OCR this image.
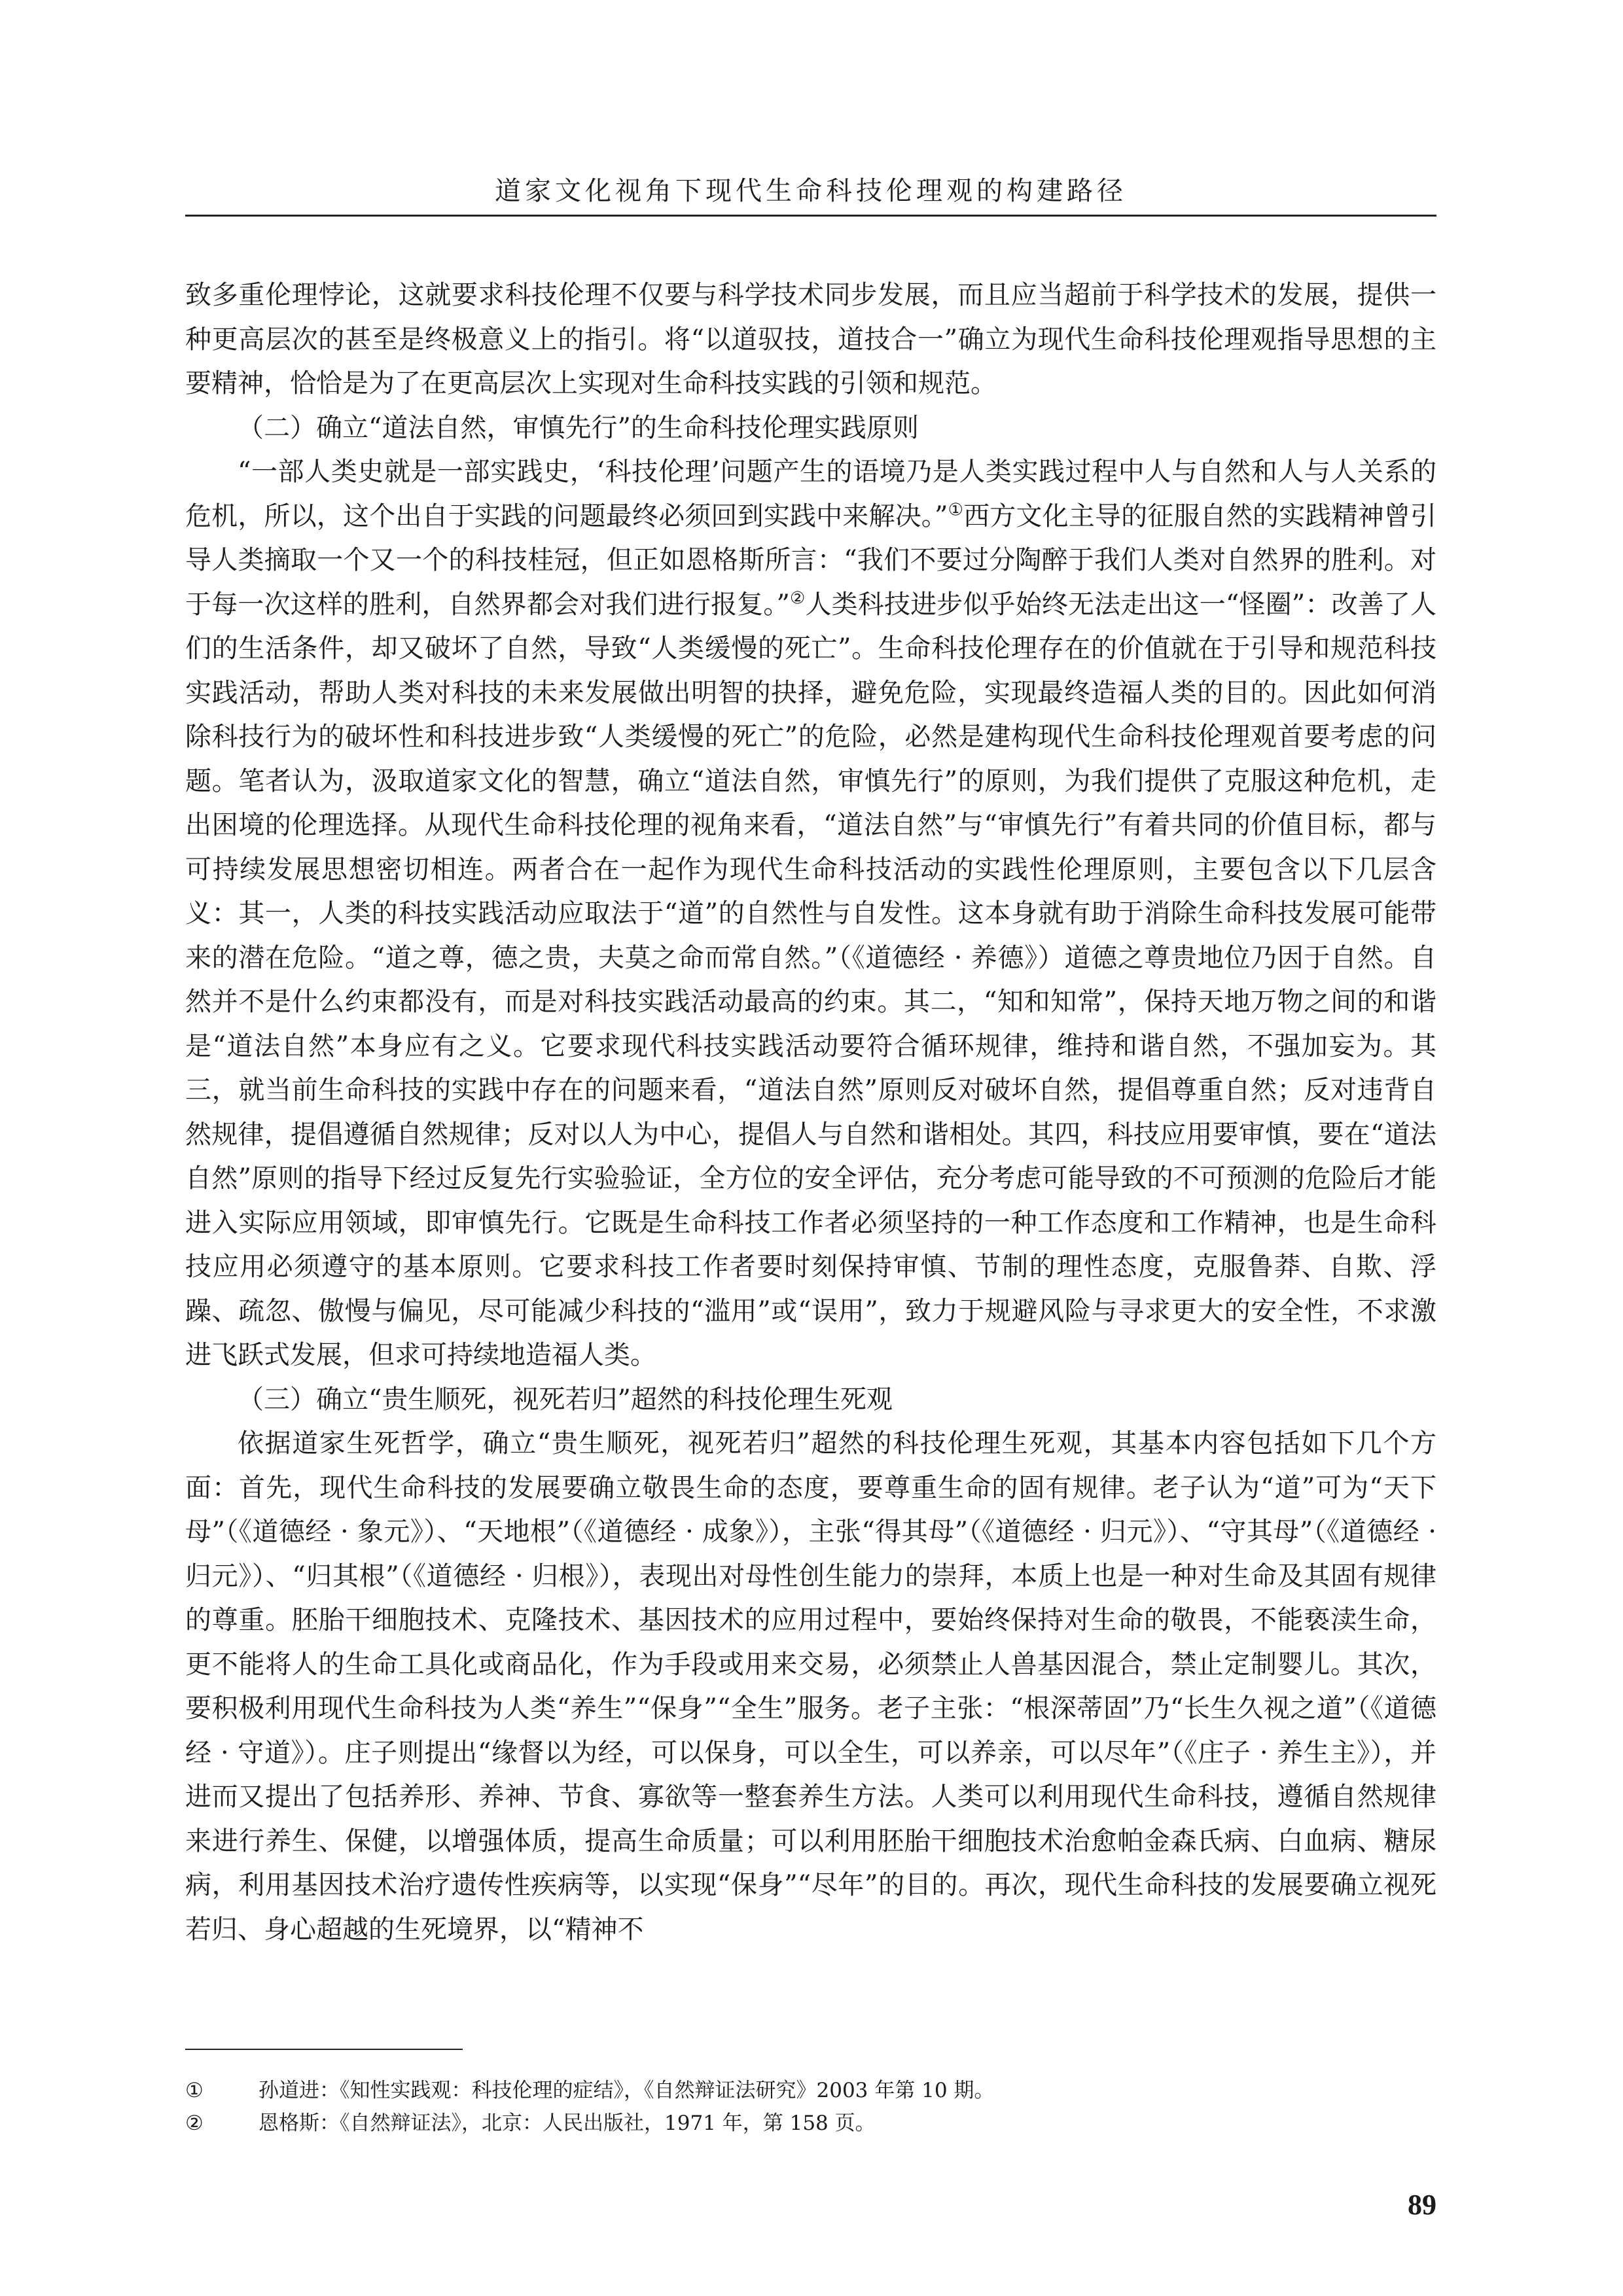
道家文化视角下现代生命科技伦理观的构建路径

致多重伦理悖论，这就要求科技伦理不仅要与科学技术同步发展，而且应当超前于科学技术的发展，提供一种更高层次的甚至是终极意义上的指引。将“以道驭技，道技合一”确立为现代生命科技伦理观指导思想的主要精神，恰恰是为了在更高层次上实现对生命科技实践的引领和规范。

（二）确立“道法自然，审慎先行”的生命科技伦理实践原则

“一部人类史就是一部实践史，‘科技伦理’问题产生的语境乃是人类实践过程中人与自然和人与人关系的危机，所以，这个出自于实践的问题最终必须回到实践中来解决。”①西方文化主导的征服自然的实践精神曾引导人类摘取一个又一个的科技桂冠，但正如恩格斯所言：“我们不要过分陶醉于我们人类对自然界的胜利。对于每一次这样的胜利，自然界都会对我们进行报复。”②人类科技进步似乎始终无法走出这一“怪圈”：改善了人们的生活条件，却又破坏了自然，导致“人类缓慢的死亡”。生命科技伦理存在的价值就在于引导和规范科技实践活动，帮助人类对科技的未来发展做出明智的抉择，避免危险，实现最终造福人类的目的。因此如何消除科技行为的破坏性和科技进步致“人类缓慢的死亡”的危险，必然是建构现代生命科技伦理观首要考虑的问题。笔者认为，汲取道家文化的智慧，确立“道法自然，审慎先行”的原则，为我们提供了克服这种危机，走出困境的伦理选择。从现代生命科技伦理的视角来看，“道法自然”与“审慎先行”有着共同的价值目标，都与可持续发展思想密切相连。两者合在一起作为现代生命科技活动的实践性伦理原则，主要包含以下几层含义：其一，人类的科技实践活动应取法于“道”的自然性与自发性。这本身就有助于消除生命科技发展可能带来的潜在危险。“道之尊，德之贵，夫莫之命而常自然。”（《道德经 · 养德》）道德之尊贵地位乃因于自然。自然并不是什么约束都没有，而是对科技实践活动最高的约束。其二，“知和知常”，保持天地万物之间的和谐是“道法自然”本身应有之义。它要求现代科技实践活动要符合循环规律，维持和谐自然，不强加妄为。其三，就当前生命科技的实践中存在的问题来看，“道法自然”原则反对破坏自然，提倡尊重自然；反对违背自然规律，提倡遵循自然规律；反对以人为中心，提倡人与自然和谐相处。其四，科技应用要审慎，要在“道法自然”原则的指导下经过反复先行实验验证，全方位的安全评估，充分考虑可能导致的不可预测的危险后才能进入实际应用领域，即审慎先行。它既是生命科技工作者必须坚持的一种工作态度和工作精神，也是生命科技应用必须遵守的基本原则。它要求科技工作者要时刻保持审慎、节制的理性态度，克服鲁莽、自欺、浮躁、疏忽、傲慢与偏见，尽可能减少科技的“滥用”或“误用”，致力于规避风险与寻求更大的安全性，不求激进飞跃式发展，但求可持续地造福人类。

（三）确立“贵生顺死，视死若归”超然的科技伦理生死观

依据道家生死哲学，确立“贵生顺死，视死若归”超然的科技伦理生死观，其基本内容包括如下几个方面：首先，现代生命科技的发展要确立敬畏生命的态度，要尊重生命的固有规律。老子认为“道”可为“天下母”（《道德经 · 象元》）、“天地根”（《道德经 · 成象》），主张“得其母”（《道德经 · 归元》）、“守其母”（《道德经 · 归元》）、“归其根”（《道德经 · 归根》），表现出对母性创生能力的崇拜，本质上也是一种对生命及其固有规律的尊重。胚胎干细胞技术、克隆技术、基因技术的应用过程中，要始终保持对生命的敬畏，不能亵渎生命，更不能将人的生命工具化或商品化，作为手段或用来交易，必须禁止人兽基因混合，禁止定制婴儿。其次，要积极利用现代生命科技为人类“养生”“保身”“全生”服务。老子主张：“根深蒂固”乃“长生久视之道”（《道德经 · 守道》）。庄子则提出“缘督以为经，可以保身，可以全生，可以养亲，可以尽年”（《庄子 · 养生主》），并进而又提出了包括养形、养神、节食、寡欲等一整套养生方法。人类可以利用现代生命科技，遵循自然规律来进行养生、保健，以增强体质，提高生命质量；可以利用胚胎干细胞技术治愈帕金森氏病、白血病、糖尿病，利用基因技术治疗遗传性疾病等，以实现“保身”“尽年”的目的。再次，现代生命科技的发展要确立视死若归、身心超越的生死境界，以“精神不

①	孙道进：《知性实践观：科技伦理的症结》，《自然辩证法研究》2003 年第 10 期。
②	恩格斯：《自然辩证法》，北京：人民出版社，1971 年，第 158 页。
89
